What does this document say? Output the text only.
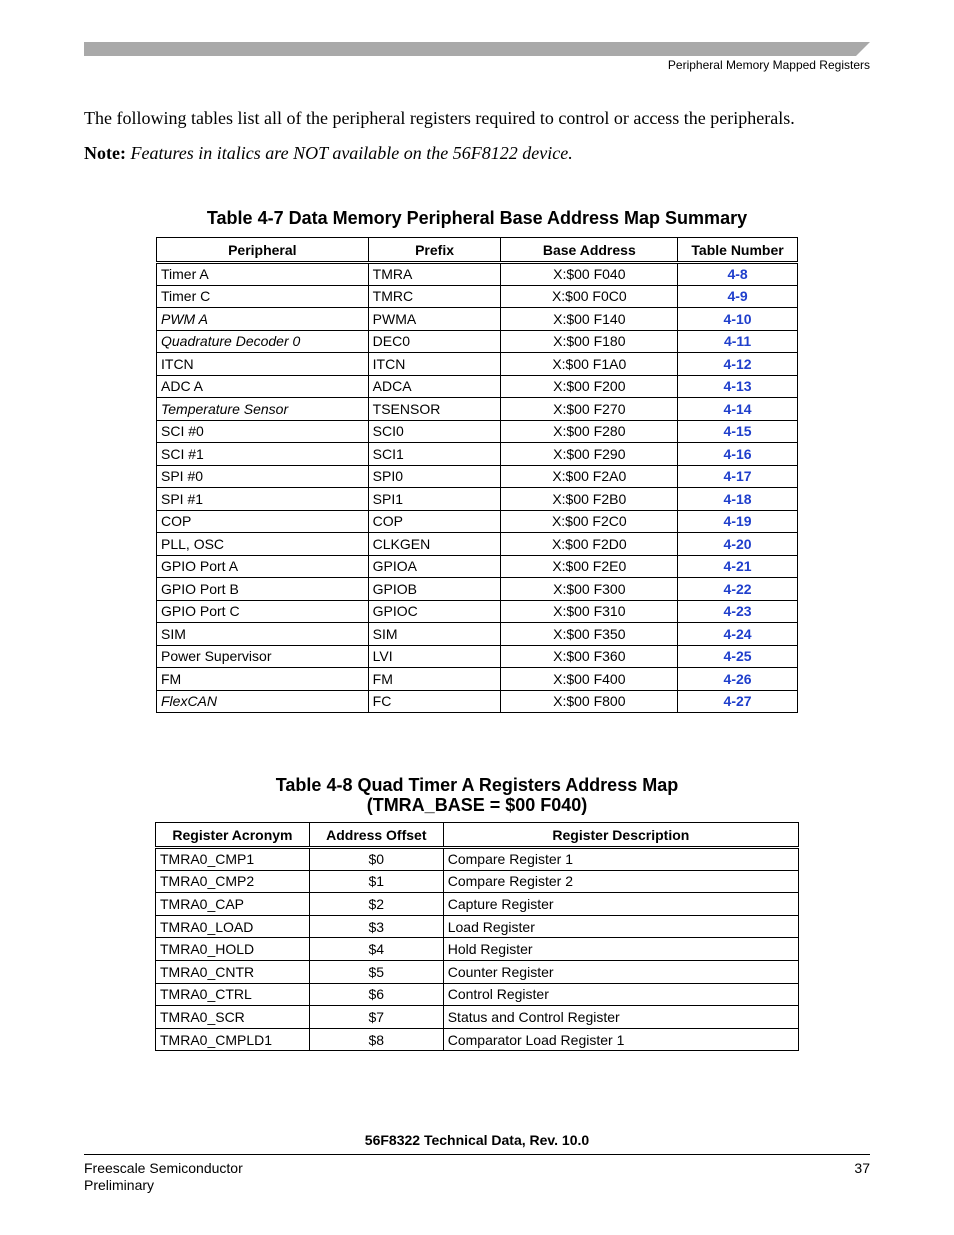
Peripheral Memory Mapped Registers
The following tables list all of the peripheral registers required to control or access the peripherals.
Note: Features in italics are NOT available on the 56F8122 device.
Table 4-7 Data Memory Peripheral Base Address Map Summary
Peripheral	Prefix	Base Address	Table Number
Timer A	TMRA	X:$00 F040	4-8
Timer C	TMRC	X:$00 F0C0	4-9
PWM A	PWMA	X:$00 F140	4-10
Quadrature Decoder 0	DEC0	X:$00 F180	4-11
ITCN	ITCN	X:$00 F1A0	4-12
ADC A	ADCA	X:$00 F200	4-13
Temperature Sensor	TSENSOR	X:$00 F270	4-14
SCI #0	SCI0	X:$00 F280	4-15
SCI #1	SCI1	X:$00 F290	4-16
SPI #0	SPI0	X:$00 F2A0	4-17
SPI #1	SPI1	X:$00 F2B0	4-18
COP	COP	X:$00 F2C0	4-19
PLL, OSC	CLKGEN	X:$00 F2D0	4-20
GPIO Port A	GPIOA	X:$00 F2E0	4-21
GPIO Port B	GPIOB	X:$00 F300	4-22
GPIO Port C	GPIOC	X:$00 F310	4-23
SIM	SIM	X:$00 F350	4-24
Power Supervisor	LVI	X:$00 F360	4-25
FM	FM	X:$00 F400	4-26
FlexCAN	FC	X:$00 F800	4-27
Table 4-8 Quad Timer A Registers Address Map
(TMRA_BASE = $00 F040)
Register Acronym	Address Offset	Register Description
TMRA0_CMP1	$0	Compare Register 1
TMRA0_CMP2	$1	Compare Register 2
TMRA0_CAP	$2	Capture Register
TMRA0_LOAD	$3	Load Register
TMRA0_HOLD	$4	Hold Register
TMRA0_CNTR	$5	Counter Register
TMRA0_CTRL	$6	Control Register
TMRA0_SCR	$7	Status and Control Register
TMRA0_CMPLD1	$8	Comparator Load Register 1
56F8322 Technical Data, Rev. 10.0
Freescale Semiconductor
Preliminary
37
